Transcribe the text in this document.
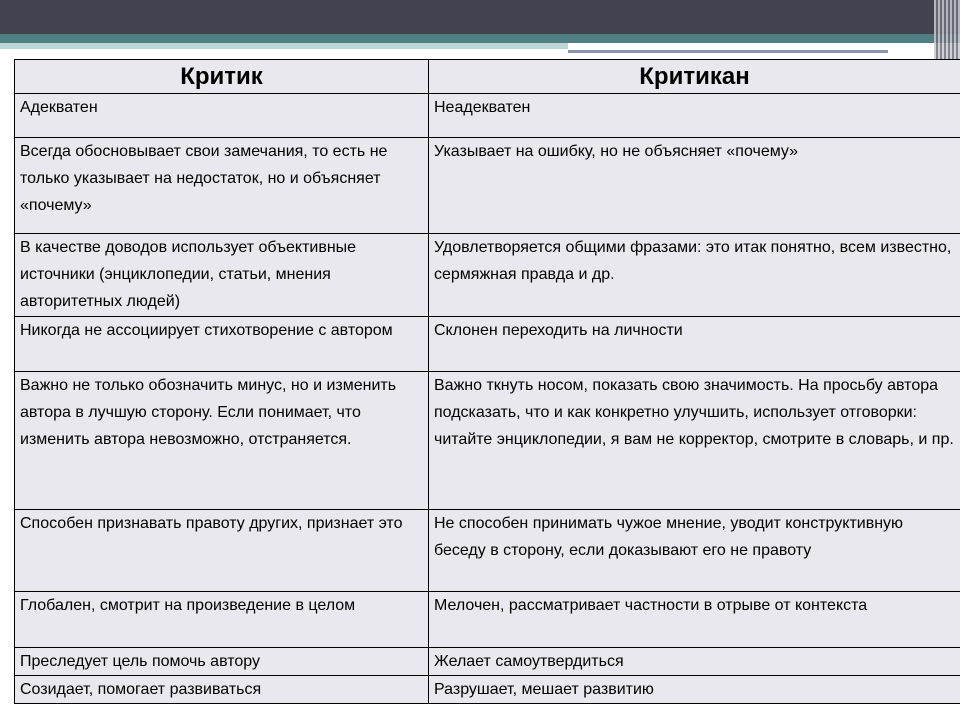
Критик	Критикан
Адекватен	Неадекватен
Всегда обосновывает свои замечания, то есть не только указывает на недостаток, но и объясняет «почему»	Указывает на ошибку, но не объясняет «почему»
В качестве доводов использует объективные источники (энциклопедии, статьи, мнения авторитетных людей)	Удовлетворяется общими фразами: это итак понятно, всем известно, сермяжная правда и др.
Никогда не ассоциирует стихотворение с автором	Склонен переходить на личности
Важно не только обозначить минус, но и изменить автора в лучшую сторону. Если понимает, что изменить автора невозможно, отстраняется.	Важно ткнуть носом, показать свою значимость. На просьбу автора подсказать, что и как конкретно улучшить, использует отговорки: читайте энциклопедии, я вам не корректор, смотрите в словарь, и пр.
Способен признавать правоту других, признает это	Не способен принимать чужое мнение, уводит конструктивную беседу в сторону, если доказывают его не правоту
Глобален, смотрит на произведение в целом	Мелочен, рассматривает частности в отрыве от контекста
Преследует цель помочь автору	Желает самоутвердиться
Созидает, помогает развиваться	Разрушает, мешает развитию
